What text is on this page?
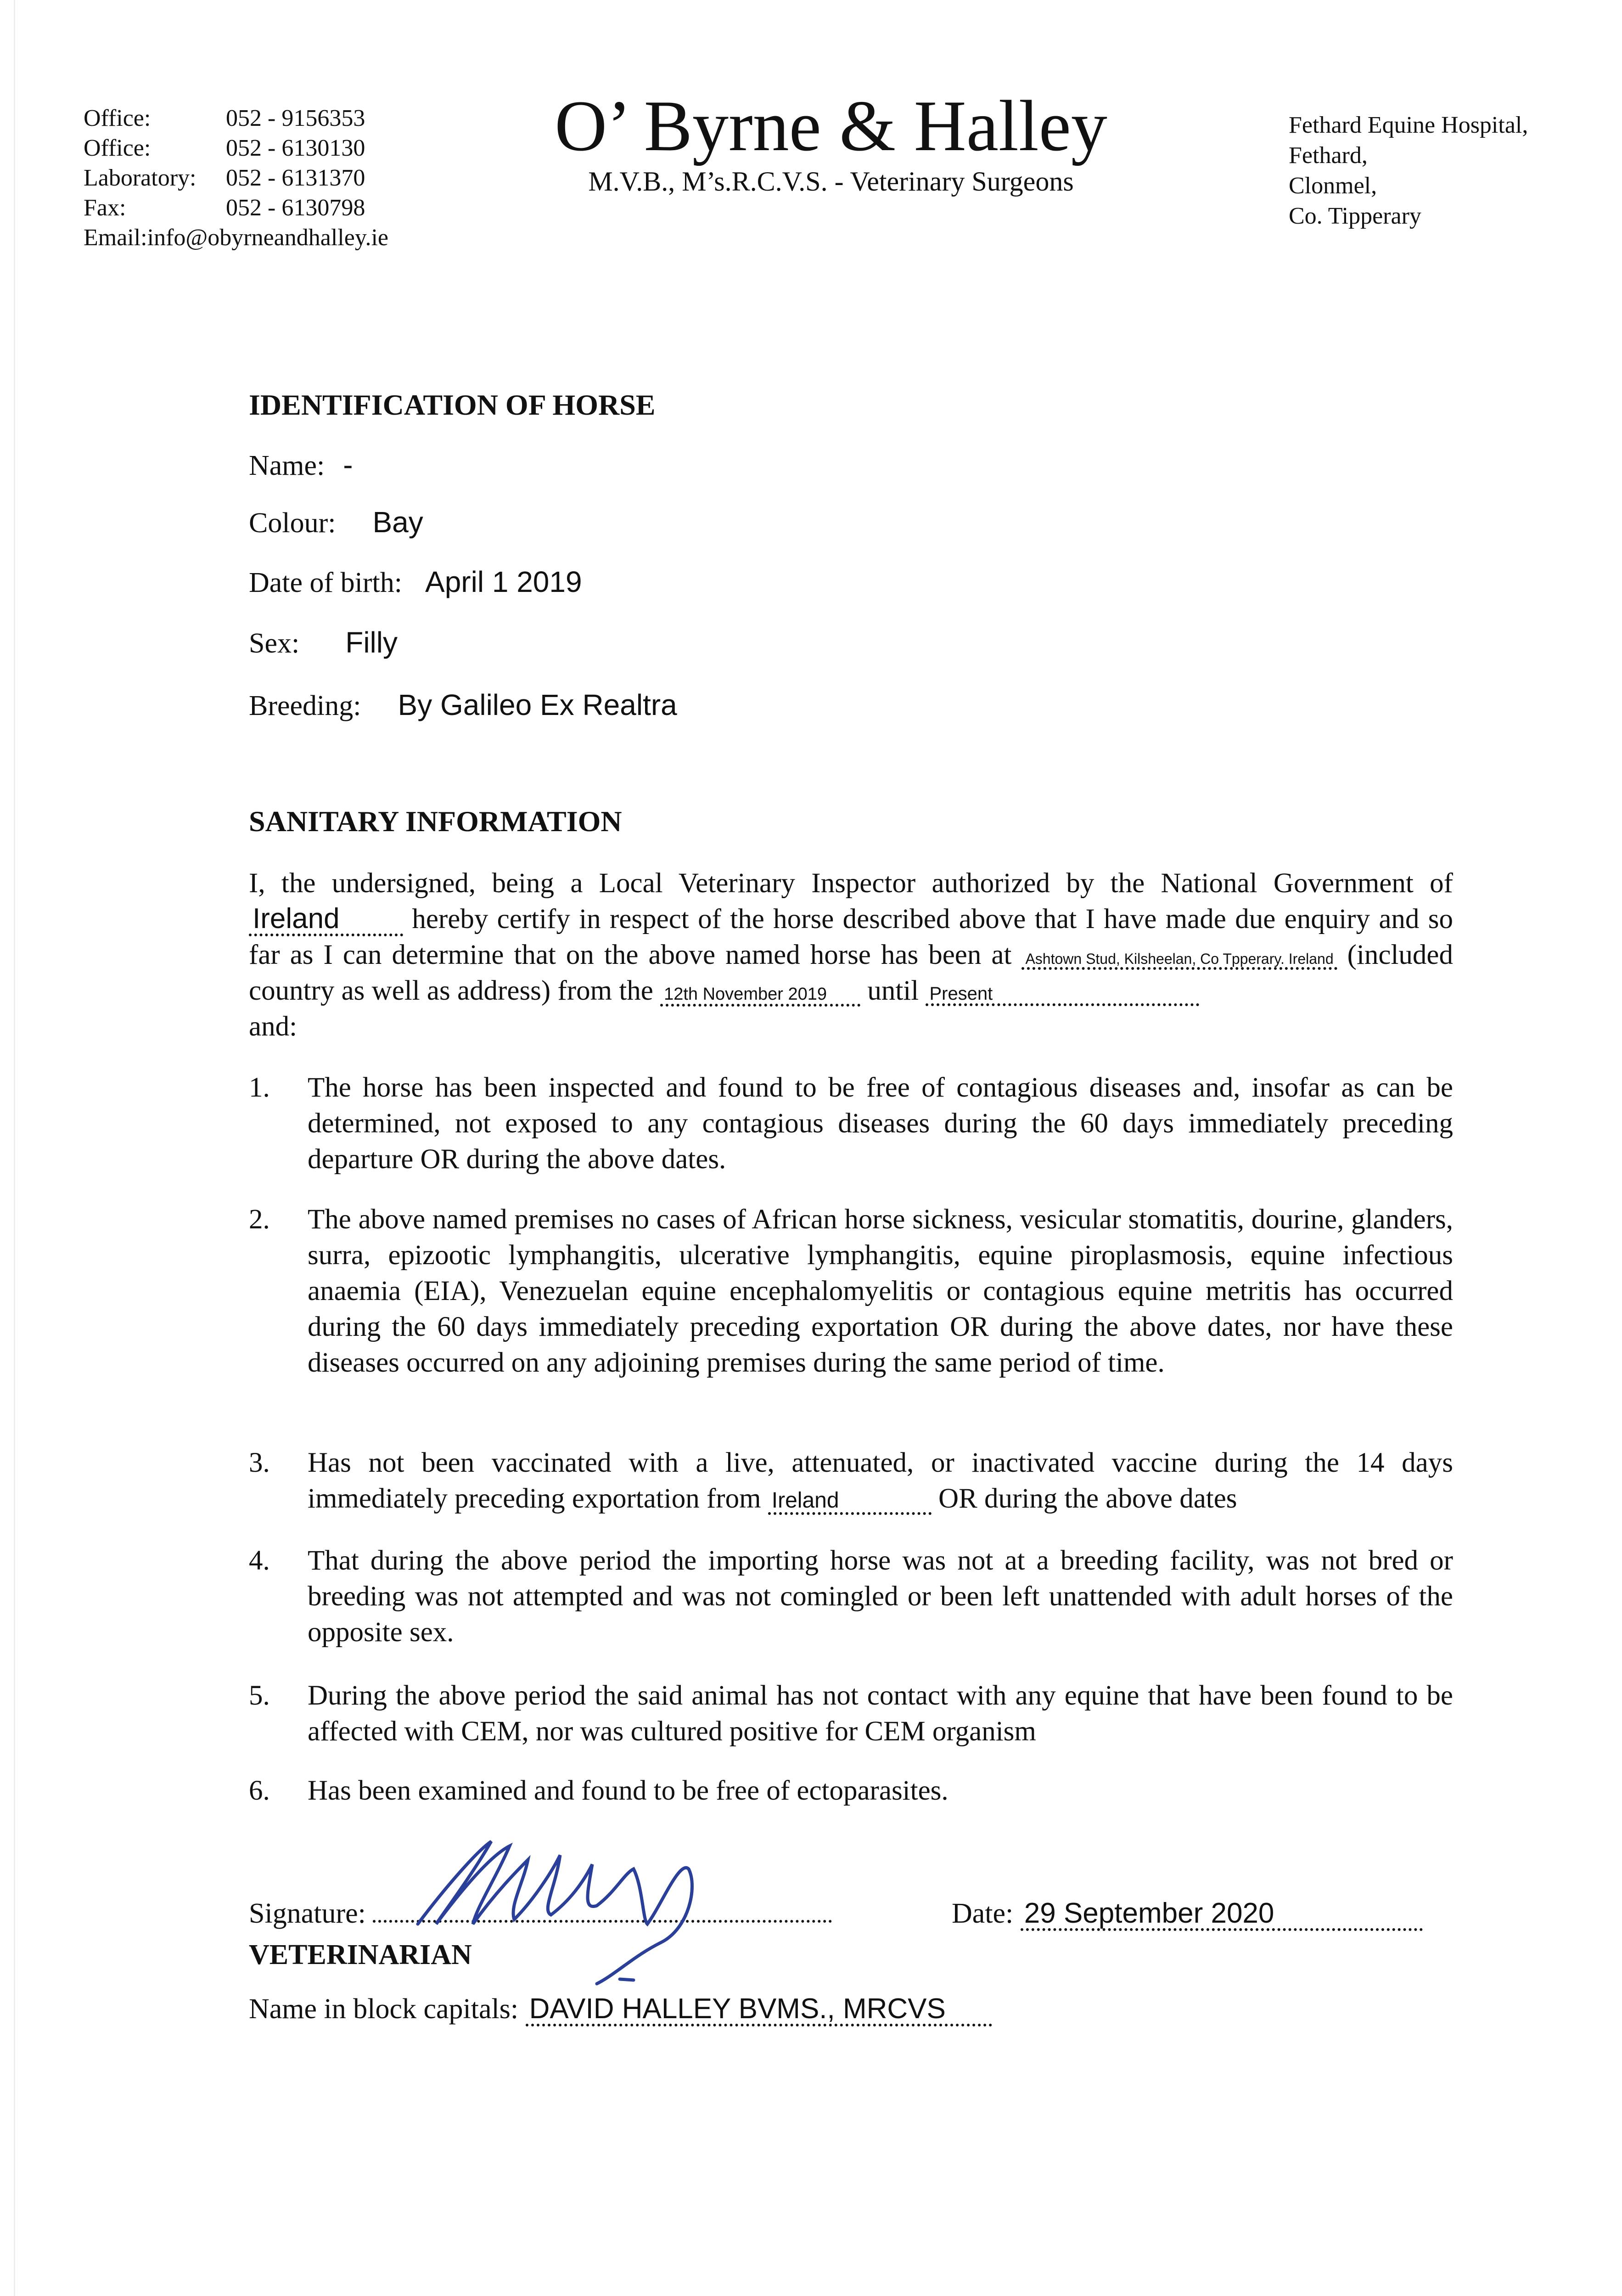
Office:	052 - 9156353
Office:	052 - 6130130
Laboratory:	052 - 6131370
Fax:	052 - 6130798
Email:info@obyrneandhalley.ie
O’ Byrne & Halley
M.V.B., M’s.R.C.V.S. - Veterinary Surgeons
Fethard Equine Hospital,
Fethard,
Clonmel,
Co. Tipperary
IDENTIFICATION OF HORSE
Name: -
Colour: Bay
Date of birth: April 1 2019
Sex: Filly
Breeding: By Galileo Ex Realtra
SANITARY INFORMATION
I, the undersigned, being a Local Veterinary Inspector authorized by the National Government of Ireland	hereby certify in respect of the horse described above that I have made due enquiry and so far as I can determine that on the above named horse has been at Ashtown Stud, Kilsheelan, Co Tpperary. Ireland (included country as well as address) from the 12th November 2019 until Present
and:
1.	The horse has been inspected and found to be free of contagious diseases and, insofar as can be determined, not exposed to any contagious diseases during the 60 days immediately preceding departure OR during the above dates.
2.	The above named premises no cases of African horse sickness, vesicular stomatitis, dourine, glanders, surra, epizootic lymphangitis, ulcerative lymphangitis, equine piroplasmosis, equine infectious anaemia (EIA), Venezuelan equine encephalomyelitis or contagious equine metritis has occurred during the 60 days immediately preceding exportation OR during the above dates, nor have these diseases occurred on any adjoining premises during the same period of time.
3.	Has not been vaccinated with a live, attenuated, or inactivated vaccine during the 14 days immediately preceding exportation from Ireland	OR during the above dates
4.	That during the above period the importing horse was not at a breeding facility, was not bred or breeding was not attempted and was not comingled or been left unattended with adult horses of the opposite sex.
5.	During the above period the said animal has not contact with any equine that have been found to be affected with CEM, nor was cultured positive for CEM organism
6.	Has been examined and found to be free of ectoparasites.
Signature:	Date: 29 September 2020
VETERINARIAN
Name in block capitals: DAVID HALLEY BVMS., MRCVS
